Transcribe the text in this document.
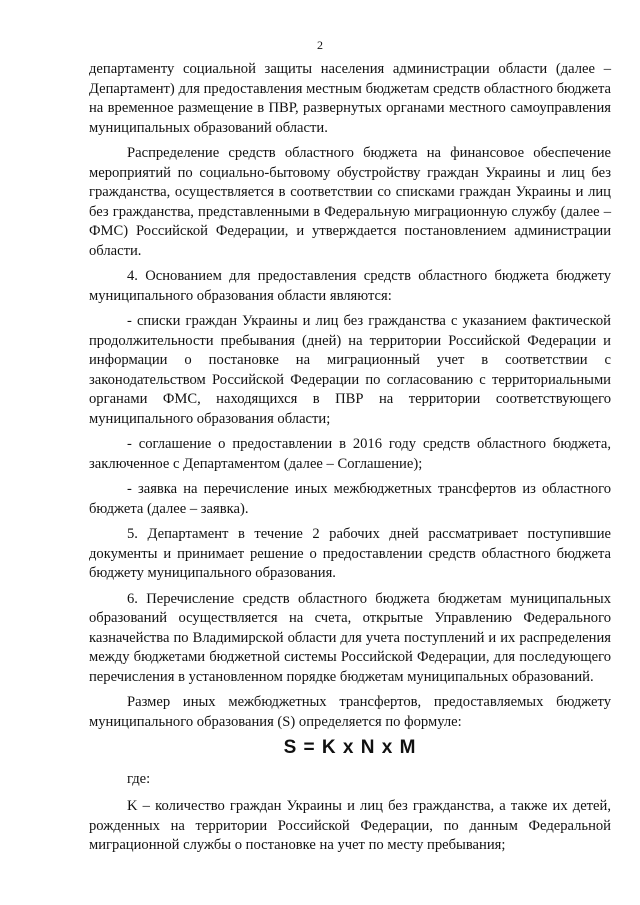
2

департаменту социальной защиты населения администрации области (далее – Департамент) для предоставления местным бюджетам средств областного бюджета на временное размещение в ПВР, развернутых органами местного самоуправления муниципальных образований области.

Распределение средств областного бюджета на финансовое обеспечение мероприятий по социально-бытовому обустройству граждан Украины и лиц без гражданства, осуществляется в соответствии со списками граждан Украины и лиц без гражданства, представленными в Федеральную миграционную службу (далее – ФМС) Российской Федерации, и утверждается постановлением администрации области.

4. Основанием для предоставления средств областного бюджета бюджету муниципального образования области являются:

- списки граждан Украины и лиц без гражданства с указанием фактической продолжительности пребывания (дней) на территории Российской Федерации и информации о постановке на миграционный учет в соответствии с законодательством Российской Федерации по согласованию с территориальными органами ФМС, находящихся в ПВР на территории соответствующего муниципального образования области;

- соглашение о предоставлении в 2016 году средств областного бюджета, заключенное с Департаментом (далее – Соглашение);

- заявка на перечисление иных межбюджетных трансфертов из областного бюджета (далее – заявка).

5. Департамент в течение 2 рабочих дней рассматривает поступившие документы и принимает решение о предоставлении средств областного бюджета бюджету муниципального образования.

6. Перечисление средств областного бюджета бюджетам муниципальных образований осуществляется на счета, открытые Управлению Федерального казначейства по Владимирской области для учета поступлений и их распределения между бюджетами бюджетной системы Российской Федерации, для последующего перечисления в установленном порядке бюджетам муниципальных образований.

Размер иных межбюджетных трансфертов, предоставляемых бюджету муниципального образования (S) определяется по формуле:

S = K x N x M

где:

K – количество граждан Украины и лиц без гражданства, а также их детей, рожденных на территории Российской Федерации, по данным Федеральной миграционной службы о постановке на учет по месту пребывания;
